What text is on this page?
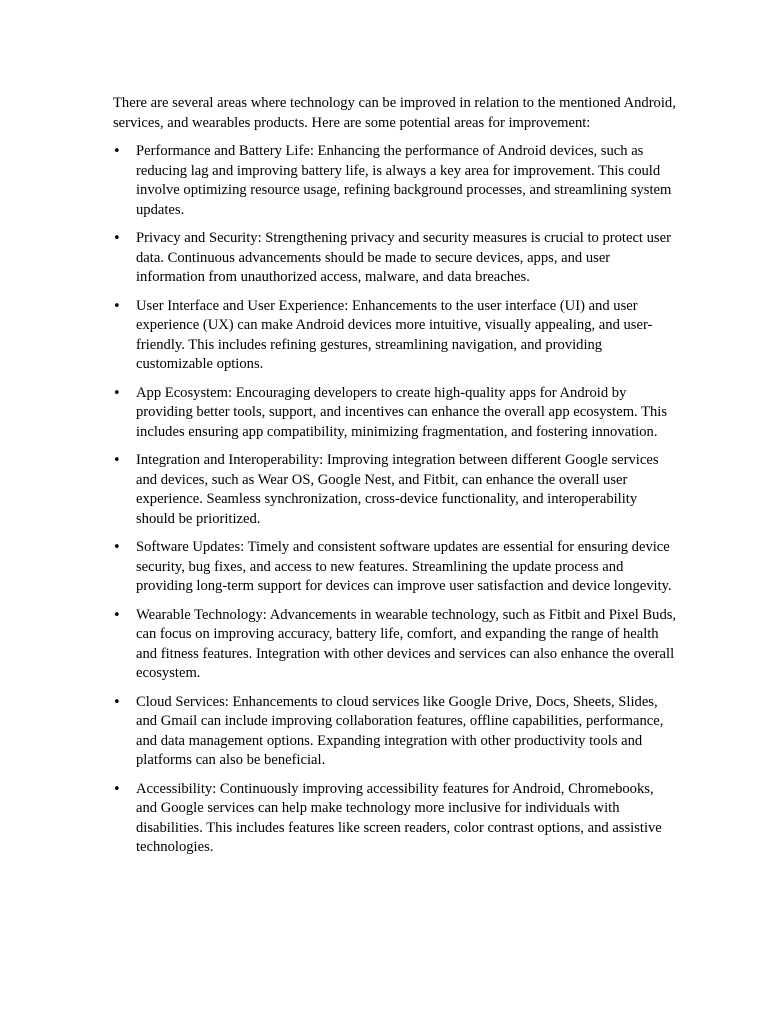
There are several areas where technology can be improved in relation to the mentioned Android, services, and wearables products. Here are some potential areas for improvement:

• Performance and Battery Life: Enhancing the performance of Android devices, such as reducing lag and improving battery life, is always a key area for improvement. This could involve optimizing resource usage, refining background processes, and streamlining system updates.
• Privacy and Security: Strengthening privacy and security measures is crucial to protect user data. Continuous advancements should be made to secure devices, apps, and user information from unauthorized access, malware, and data breaches.
• User Interface and User Experience: Enhancements to the user interface (UI) and user experience (UX) can make Android devices more intuitive, visually appealing, and user-friendly. This includes refining gestures, streamlining navigation, and providing customizable options.
• App Ecosystem: Encouraging developers to create high-quality apps for Android by providing better tools, support, and incentives can enhance the overall app ecosystem. This includes ensuring app compatibility, minimizing fragmentation, and fostering innovation.
• Integration and Interoperability: Improving integration between different Google services and devices, such as Wear OS, Google Nest, and Fitbit, can enhance the overall user experience. Seamless synchronization, cross-device functionality, and interoperability should be prioritized.
• Software Updates: Timely and consistent software updates are essential for ensuring device security, bug fixes, and access to new features. Streamlining the update process and providing long-term support for devices can improve user satisfaction and device longevity.
• Wearable Technology: Advancements in wearable technology, such as Fitbit and Pixel Buds, can focus on improving accuracy, battery life, comfort, and expanding the range of health and fitness features. Integration with other devices and services can also enhance the overall ecosystem.
• Cloud Services: Enhancements to cloud services like Google Drive, Docs, Sheets, Slides, and Gmail can include improving collaboration features, offline capabilities, performance, and data management options. Expanding integration with other productivity tools and platforms can also be beneficial.
• Accessibility: Continuously improving accessibility features for Android, Chromebooks, and Google services can help make technology more inclusive for individuals with disabilities. This includes features like screen readers, color contrast options, and assistive technologies.
